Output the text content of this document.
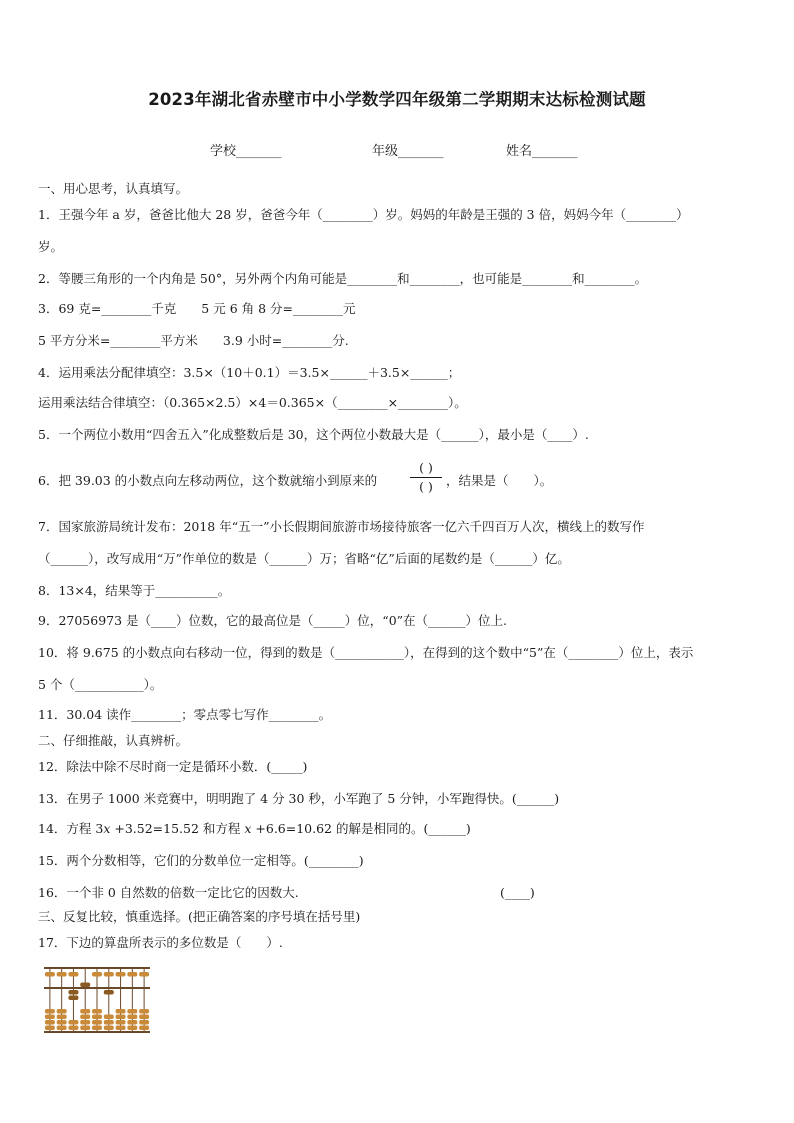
2023年湖北省赤壁市中小学数学四年级第二学期期末达标检测试题
学校_______	年级_______	姓名_______
一、用心思考，认真填写。
1．王强今年 a 岁，爸爸比他大 28 岁，爸爸今年（________）岁。妈妈的年龄是王强的 3 倍，妈妈今年（________）
岁。
2．等腰三角形的一个内角是 50°，另外两个内角可能是________和________，也可能是________和________。
3．69 克=________千克　　5 元 6 角 8 分=________元
5 平方分米=________平方米　　3.9 小时=________分.
4．运用乘法分配律填空：3.5×（10＋0.1）＝3.5×______＋3.5×______；
运用乘法结合律填空：（0.365×2.5）×4＝0.365×（________×________）。
5．一个两位小数用“四舍五入”化成整数后是 30，这个两位小数最大是（______），最小是（____）.
6．把 39.03 的小数点向左移动两位，这个数就缩小到原来的
( )
( )	，结果是（　　）。
7．国家旅游局统计发布：2018 年“五一”小长假期间旅游市场接待旅客一亿六千四百万人次，横线上的数写作
（______），改写成用“万”作单位的数是（______）万；省略“亿”后面的尾数约是（______）亿。
8．13×4，结果等于__________。
9．27056973 是（____）位数，它的最高位是（_____）位，“0”在（______）位上.
10．将 9.675 的小数点向右移动一位，得到的数是（___________），在得到的这个数中“5”在（________）位上，表示
5 个（___________）。
11．30.04 读作________；零点零七写作________。
二、仔细推敲，认真辨析。
12．除法中除不尽时商一定是循环小数．(_____)
13．在男子 1000 米竞赛中，明明跑了 4 分 30 秒，小军跑了 5 分钟，小军跑得快。(______)
14．方程 3𝑥 +3.52=15.52 和方程 𝑥 +6.6=10.62 的解是相同的。(______)
15．两个分数相等，它们的分数单位一定相等。(________)
16．一个非 0 自然数的倍数一定比它的因数大.	(____)
三、反复比较，慎重选择。(把正确答案的序号填在括号里)
17．下边的算盘所表示的多位数是（　　）.
